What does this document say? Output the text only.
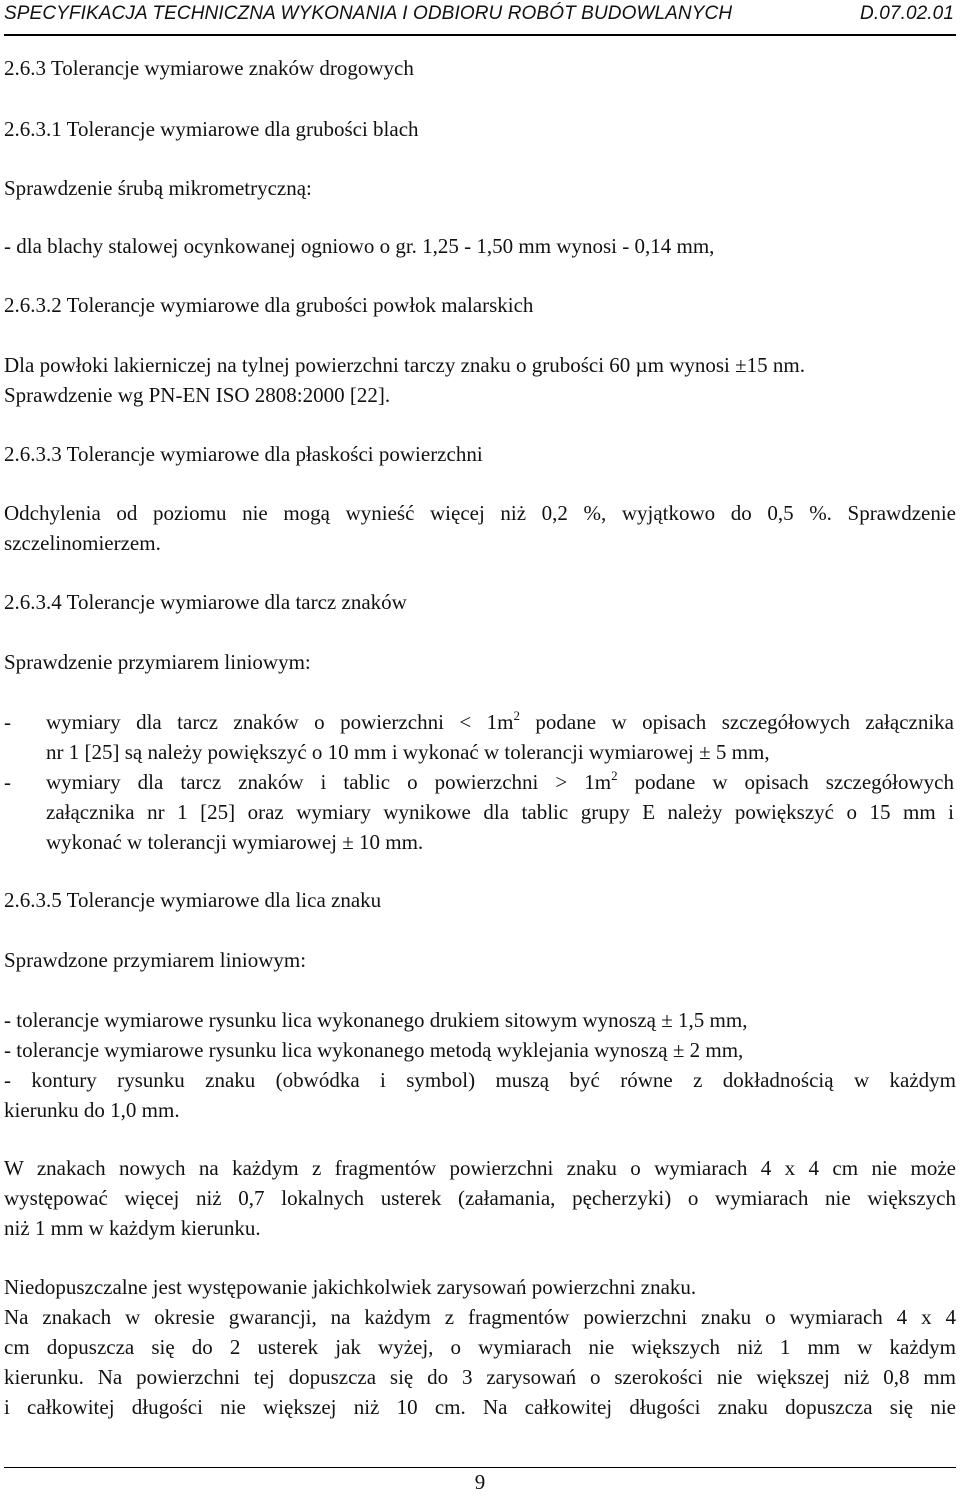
SPECYFIKACJA TECHNICZNA WYKONANIA I ODBIORU ROBÓT BUDOWLANYCH	D.07.02.01
2.6.3 Tolerancje wymiarowe znaków drogowych
2.6.3.1 Tolerancje wymiarowe dla grubości blach
Sprawdzenie śrubą mikrometryczną:
- dla blachy stalowej ocynkowanej ogniowo o gr. 1,25 - 1,50 mm wynosi - 0,14 mm,
2.6.3.2 Tolerancje wymiarowe dla grubości powłok malarskich
Dla powłoki lakierniczej na tylnej powierzchni tarczy znaku o grubości 60 µm wynosi ±15 nm.
Sprawdzenie wg PN-EN ISO 2808:2000 [22].
2.6.3.3 Tolerancje wymiarowe dla płaskości powierzchni
Odchylenia od poziomu nie mogą wynieść więcej niż 0,2 %, wyjątkowo do 0,5 %. Sprawdzenie
szczelinomierzem.
2.6.3.4 Tolerancje wymiarowe dla tarcz znaków
Sprawdzenie przymiarem liniowym:
- wymiary dla tarcz znaków o powierzchni < $1m^2$ podane w opisach szczegółowych załącznika
nr 1 [25] są należy powiększyć o 10 mm i wykonać w tolerancji wymiarowej ± 5 mm,
- wymiary dla tarcz znaków i tablic o powierzchni > $1m^2$ podane w opisach szczegółowych
załącznika nr 1 [25] oraz wymiary wynikowe dla tablic grupy E należy powiększyć o 15 mm i
wykonać w tolerancji wymiarowej ± 10 mm.
2.6.3.5 Tolerancje wymiarowe dla lica znaku
Sprawdzone przymiarem liniowym:
- tolerancje wymiarowe rysunku lica wykonanego drukiem sitowym wynoszą ± 1,5 mm,
- tolerancje wymiarowe rysunku lica wykonanego metodą wyklejania wynoszą ± 2 mm,
- kontury rysunku znaku (obwódka i symbol) muszą być równe z dokładnością w każdym
kierunku do 1,0 mm.
W znakach nowych na każdym z fragmentów powierzchni znaku o wymiarach 4 x 4 cm nie może
występować więcej niż 0,7 lokalnych usterek (załamania, pęcherzyki) o wymiarach nie większych
niż 1 mm w każdym kierunku.
Niedopuszczalne jest występowanie jakichkolwiek zarysowań powierzchni znaku.
Na znakach w okresie gwarancji, na każdym z fragmentów powierzchni znaku o wymiarach 4 x 4
cm dopuszcza się do 2 usterek jak wyżej, o wymiarach nie większych niż 1 mm w każdym
kierunku. Na powierzchni tej dopuszcza się do 3 zarysowań o szerokości nie większej niż 0,8 mm
i całkowitej długości nie większej niż 10 cm. Na całkowitej długości znaku dopuszcza się nie
9
